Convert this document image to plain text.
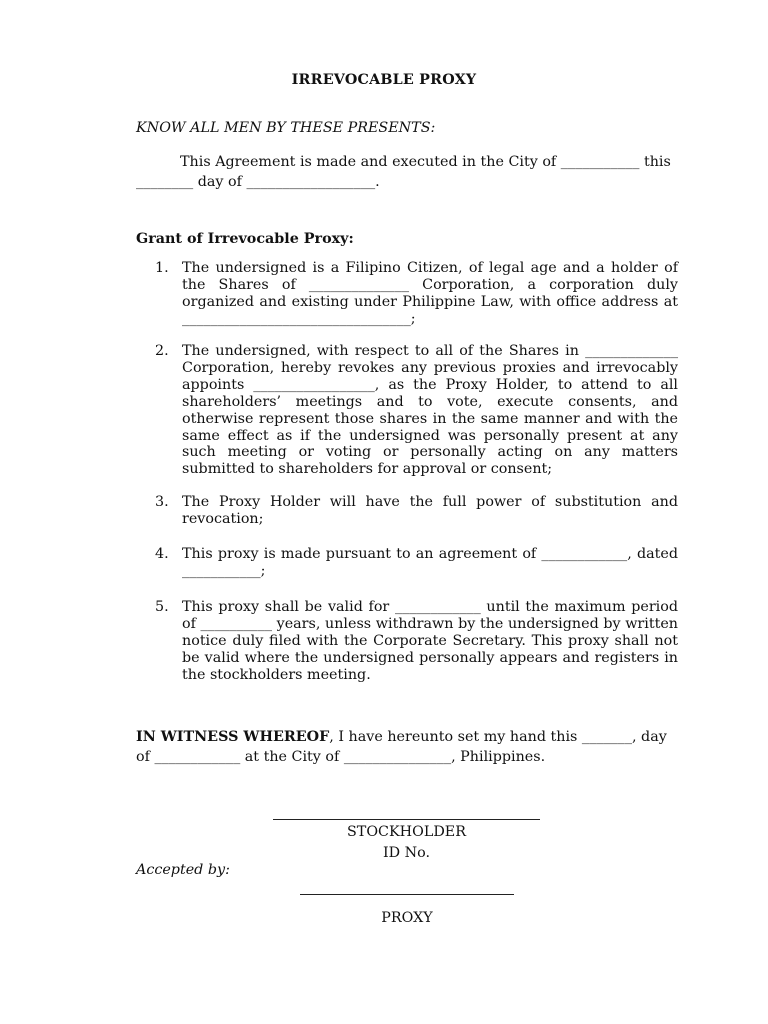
IRREVOCABLE PROXY
KNOW ALL MEN BY THESE PRESENTS:
This Agreement is made and executed in the City of ___________ this ________ day of __________________.
Grant of Irrevocable Proxy:
1. The undersigned is a Filipino Citizen, of legal age and a holder of the Shares of ______________ Corporation, a corporation duly organized and existing under Philippine Law, with office address at ________________________________;
2. The undersigned, with respect to all of the Shares in _____________ Corporation, hereby revokes any previous proxies and irrevocably appoints _________________, as the Proxy Holder, to attend to all shareholders’ meetings and to vote, execute consents, and otherwise represent those shares in the same manner and with the same effect as if the undersigned was personally present at any such meeting or voting or personally acting on any matters submitted to shareholders for approval or consent;
3. The Proxy Holder will have the full power of substitution and revocation;
4. This proxy is made pursuant to an agreement of ____________, dated ___________;
5. This proxy shall be valid for ____________ until the maximum period of __________ years, unless withdrawn by the undersigned by written notice duly filed with the Corporate Secretary. This proxy shall not be valid where the undersigned personally appears and registers in the stockholders meeting.
IN WITNESS WHEREOF, I have hereunto set my hand this _______, day of ____________ at the City of _______________, Philippines.
STOCKHOLDER
ID No.
Accepted by:
PROXY
